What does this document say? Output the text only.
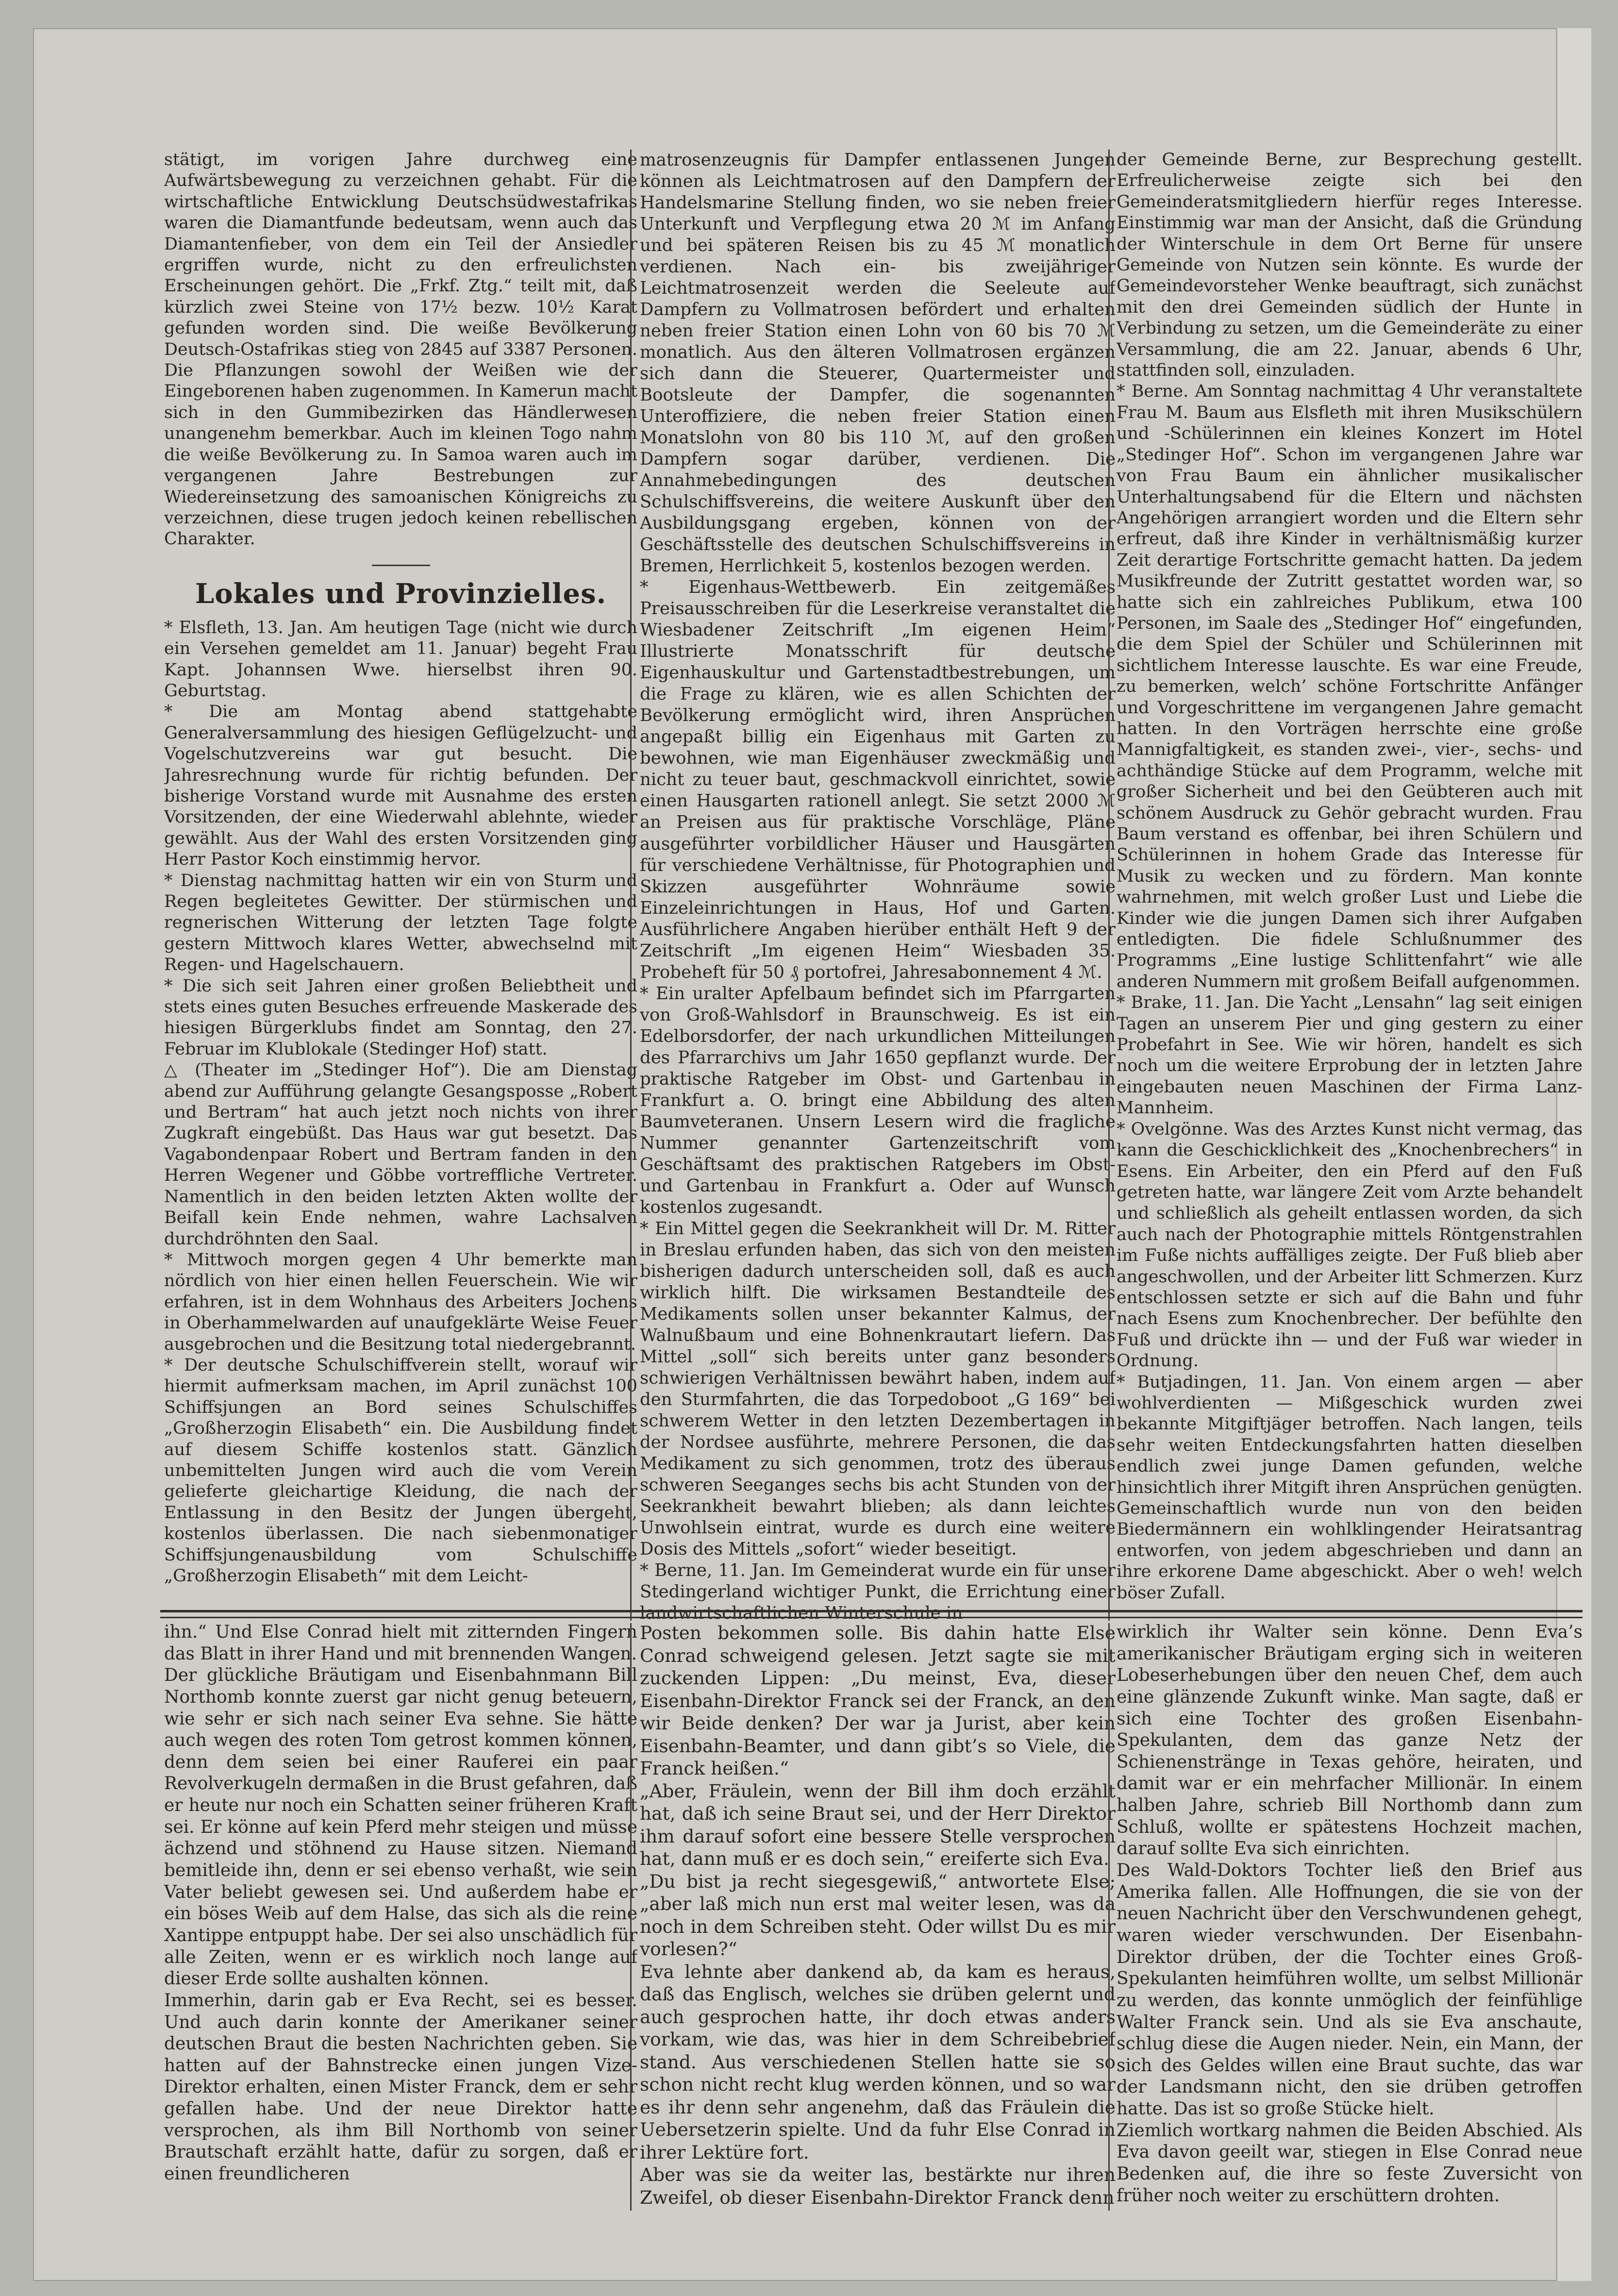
stätigt, im vorigen Jahre durchweg eine Aufwärtsbewegung zu verzeichnen gehabt. Für die wirtschaftliche Entwicklung Deutschsüdwestafrikas waren die Diamantfunde bedeutsam, wenn auch das Diamantenfieber, von dem ein Teil der Ansiedler ergriffen wurde, nicht zu den erfreulichsten Erscheinungen gehört. Die „Frkf. Ztg.“ teilt mit, daß kürzlich zwei Steine von 17½ bezw. 10½ Karat gefunden worden sind. Die weiße Bevölkerung Deutsch-Ostafrikas stieg von 2845 auf 3387 Personen. Die Pflanzungen sowohl der Weißen wie der Eingeborenen haben zugenommen. In Kamerun macht sich in den Gummibezirken das Händlerwesen unangenehm bemerkbar. Auch im kleinen Togo nahm die weiße Bevölkerung zu. In Samoa waren auch im vergangenen Jahre Bestrebungen zur Wiedereinsetzung des samoanischen Königreichs zu verzeichnen, diese trugen jedoch keinen rebellischen Charakter.

Lokales und Provinzielles.

* Elsfleth, 13. Jan. Am heutigen Tage (nicht wie durch ein Versehen gemeldet am 11. Januar) begeht Frau Kapt. Johannsen Wwe. hierselbst ihren 90. Geburtstag.

* Die am Montag abend stattgehabte Generalversammlung des hiesigen Geflügelzucht- und Vogelschutzvereins war gut besucht. Die Jahresrechnung wurde für richtig befunden. Der bisherige Vorstand wurde mit Ausnahme des ersten Vorsitzenden, der eine Wiederwahl ablehnte, wieder gewählt. Aus der Wahl des ersten Vorsitzenden ging Herr Pastor Koch einstimmig hervor.

* Dienstag nachmittag hatten wir ein von Sturm und Regen begleitetes Gewitter. Der stürmischen und regnerischen Witterung der letzten Tage folgte gestern Mittwoch klares Wetter, abwechselnd mit Regen- und Hagelschauern.

* Die sich seit Jahren einer großen Beliebtheit und stets eines guten Besuches erfreuende Maskerade des hiesigen Bürgerklubs findet am Sonntag, den 27. Februar im Klublokale (Stedinger Hof) statt.

△ (Theater im „Stedinger Hof“). Die am Dienstag abend zur Aufführung gelangte Gesangsposse „Robert und Bertram“ hat auch jetzt noch nichts von ihrer Zugkraft eingebüßt. Das Haus war gut besetzt. Das Vagabondenpaar Robert und Bertram fanden in den Herren Wegener und Göbbe vortreffliche Vertreter. Namentlich in den beiden letzten Akten wollte der Beifall kein Ende nehmen, wahre Lachsalven durchdröhnten den Saal.

* Mittwoch morgen gegen 4 Uhr bemerkte man nördlich von hier einen hellen Feuerschein. Wie wir erfahren, ist in dem Wohnhaus des Arbeiters Jochens in Oberhammelwarden auf unaufgeklärte Weise Feuer ausgebrochen und die Besitzung total niedergebrannt.

* Der deutsche Schulschiffverein stellt, worauf wir hiermit aufmerksam machen, im April zunächst 100 Schiffsjungen an Bord seines Schulschiffes „Großherzogin Elisabeth“ ein. Die Ausbildung findet auf diesem Schiffe kostenlos statt. Gänzlich unbemittelten Jungen wird auch die vom Verein gelieferte gleichartige Kleidung, die nach der Entlassung in den Besitz der Jungen übergeht, kostenlos überlassen. Die nach siebenmonatiger Schiffsjungenausbildung vom Schulschiffe „Großherzogin Elisabeth“ mit dem Leicht-

matrosenzeugnis für Dampfer entlassenen Jungen können als Leichtmatrosen auf den Dampfern der Handelsmarine Stellung finden, wo sie neben freier Unterkunft und Verpflegung etwa 20 ℳ im Anfang und bei späteren Reisen bis zu 45 ℳ monatlich verdienen. Nach ein- bis zweijähriger Leichtmatrosenzeit werden die Seeleute auf Dampfern zu Vollmatrosen befördert und erhalten neben freier Station einen Lohn von 60 bis 70 ℳ monatlich. Aus den älteren Vollmatrosen ergänzen sich dann die Steuerer, Quartermeister und Bootsleute der Dampfer, die sogenannten Unteroffiziere, die neben freier Station einen Monatslohn von 80 bis 110 ℳ, auf den großen Dampfern sogar darüber, verdienen. Die Annahmebedingungen des deutschen Schulschiffsvereins, die weitere Auskunft über den Ausbildungsgang ergeben, können von der Geschäftsstelle des deutschen Schulschiffsvereins in Bremen, Herrlichkeit 5, kostenlos bezogen werden.

* Eigenhaus-Wettbewerb. Ein zeitgemäßes Preisausschreiben für die Leserkreise veranstaltet die Wiesbadener Zeitschrift „Im eigenen Heim“ Illustrierte Monatsschrift für deutsche Eigenhauskultur und Gartenstadtbestrebungen, um die Frage zu klären, wie es allen Schichten der Bevölkerung ermöglicht wird, ihren Ansprüchen angepaßt billig ein Eigenhaus mit Garten zu bewohnen, wie man Eigenhäuser zweckmäßig und nicht zu teuer baut, geschmackvoll einrichtet, sowie einen Hausgarten rationell anlegt. Sie setzt 2000 ℳ an Preisen aus für praktische Vorschläge, Pläne ausgeführter vorbildlicher Häuser und Hausgärten für verschiedene Verhältnisse, für Photographien und Skizzen ausgeführter Wohnräume sowie Einzeleinrichtungen in Haus, Hof und Garten. Ausführlichere Angaben hierüber enthält Heft 9 der Zeitschrift „Im eigenen Heim“ Wiesbaden 35. Probeheft für 50 ₰ portofrei, Jahresabonnement 4 ℳ.

* Ein uralter Apfelbaum befindet sich im Pfarrgarten von Groß-Wahlsdorf in Braunschweig. Es ist ein Edelborsdorfer, der nach urkundlichen Mitteilungen des Pfarrarchivs um Jahr 1650 gepflanzt wurde. Der praktische Ratgeber im Obst- und Gartenbau in Frankfurt a. O. bringt eine Abbildung des alten Baumveteranen. Unsern Lesern wird die fragliche Nummer genannter Gartenzeitschrift vom Geschäftsamt des praktischen Ratgebers im Obst- und Gartenbau in Frankfurt a. Oder auf Wunsch kostenlos zugesandt.

* Ein Mittel gegen die Seekrankheit will Dr. M. Ritter in Breslau erfunden haben, das sich von den meisten bisherigen dadurch unterscheiden soll, daß es auch wirklich hilft. Die wirksamen Bestandteile des Medikaments sollen unser bekannter Kalmus, der Walnußbaum und eine Bohnenkrautart liefern. Das Mittel „soll“ sich bereits unter ganz besonders schwierigen Verhältnissen bewährt haben, indem auf den Sturmfahrten, die das Torpedoboot „G 169“ bei schwerem Wetter in den letzten Dezembertagen in der Nordsee ausführte, mehrere Personen, die das Medikament zu sich genommen, trotz des überaus schweren Seeganges sechs bis acht Stunden von der Seekrankheit bewahrt blieben; als dann leichtes Unwohlsein eintrat, wurde es durch eine weitere Dosis des Mittels „sofort“ wieder beseitigt.

* Berne, 11. Jan. Im Gemeinderat wurde ein für unser Stedingerland wichtiger Punkt, die Errichtung einer landwirtschaftlichen Winterschule in

der Gemeinde Berne, zur Besprechung gestellt. Erfreulicherweise zeigte sich bei den Gemeinderatsmitgliedern hierfür reges Interesse. Einstimmig war man der Ansicht, daß die Gründung der Winterschule in dem Ort Berne für unsere Gemeinde von Nutzen sein könnte. Es wurde der Gemeindevorsteher Wenke beauftragt, sich zunächst mit den drei Gemeinden südlich der Hunte in Verbindung zu setzen, um die Gemeinderäte zu einer Versammlung, die am 22. Januar, abends 6 Uhr, stattfinden soll, einzuladen.

* Berne. Am Sonntag nachmittag 4 Uhr veranstaltete Frau M. Baum aus Elsfleth mit ihren Musikschülern und -Schülerinnen ein kleines Konzert im Hotel „Stedinger Hof“. Schon im vergangenen Jahre war von Frau Baum ein ähnlicher musikalischer Unterhaltungsabend für die Eltern und nächsten Angehörigen arrangiert worden und die Eltern sehr erfreut, daß ihre Kinder in verhältnismäßig kurzer Zeit derartige Fortschritte gemacht hatten. Da jedem Musikfreunde der Zutritt gestattet worden war, so hatte sich ein zahlreiches Publikum, etwa 100 Personen, im Saale des „Stedinger Hof“ eingefunden, die dem Spiel der Schüler und Schülerinnen mit sichtlichem Interesse lauschte. Es war eine Freude, zu bemerken, welch’ schöne Fortschritte Anfänger und Vorgeschrittene im vergangenen Jahre gemacht hatten. In den Vorträgen herrschte eine große Mannigfaltigkeit, es standen zwei-, vier-, sechs- und achthändige Stücke auf dem Programm, welche mit großer Sicherheit und bei den Geübteren auch mit schönem Ausdruck zu Gehör gebracht wurden. Frau Baum verstand es offenbar, bei ihren Schülern und Schülerinnen in hohem Grade das Interesse für Musik zu wecken und zu fördern. Man konnte wahrnehmen, mit welch großer Lust und Liebe die Kinder wie die jungen Damen sich ihrer Aufgaben entledigten. Die fidele Schlußnummer des Programms „Eine lustige Schlittenfahrt“ wie alle anderen Nummern mit großem Beifall aufgenommen.

* Brake, 11. Jan. Die Yacht „Lensahn“ lag seit einigen Tagen an unserem Pier und ging gestern zu einer Probefahrt in See. Wie wir hören, handelt es sich noch um die weitere Erprobung der in letzten Jahre eingebauten neuen Maschinen der Firma Lanz-Mannheim.

* Ovelgönne. Was des Arztes Kunst nicht vermag, das kann die Geschicklichkeit des „Knochenbrechers“ in Esens. Ein Arbeiter, den ein Pferd auf den Fuß getreten hatte, war längere Zeit vom Arzte behandelt und schließlich als geheilt entlassen worden, da sich auch nach der Photographie mittels Röntgenstrahlen im Fuße nichts auffälliges zeigte. Der Fuß blieb aber angeschwollen, und der Arbeiter litt Schmerzen. Kurz entschlossen setzte er sich auf die Bahn und fuhr nach Esens zum Knochenbrecher. Der befühlte den Fuß und drückte ihn — und der Fuß war wieder in Ordnung.

* Butjadingen, 11. Jan. Von einem argen — aber wohlverdienten — Mißgeschick wurden zwei bekannte Mitgiftjäger betroffen. Nach langen, teils sehr weiten Entdeckungsfahrten hatten dieselben endlich zwei junge Damen gefunden, welche hinsichtlich ihrer Mitgift ihren Ansprüchen genügten. Gemeinschaftlich wurde nun von den beiden Biedermännern ein wohlklingender Heiratsantrag entworfen, von jedem abgeschrieben und dann an ihre erkorene Dame abgeschickt. Aber o weh! welch böser Zufall.

ihn.“ Und Else Conrad hielt mit zitternden Fingern das Blatt in ihrer Hand und mit brennenden Wangen.

Der glückliche Bräutigam und Eisenbahnmann Bill Northomb konnte zuerst gar nicht genug beteuern, wie sehr er sich nach seiner Eva sehne. Sie hätte auch wegen des roten Tom getrost kommen können, denn dem seien bei einer Rauferei ein paar Revolverkugeln dermaßen in die Brust gefahren, daß er heute nur noch ein Schatten seiner früheren Kraft sei. Er könne auf kein Pferd mehr steigen und müsse ächzend und stöhnend zu Hause sitzen. Niemand bemitleide ihn, denn er sei ebenso verhaßt, wie sein Vater beliebt gewesen sei. Und außerdem habe er ein böses Weib auf dem Halse, das sich als die reine Xantippe entpuppt habe. Der sei also unschädlich für alle Zeiten, wenn er es wirklich noch lange auf dieser Erde sollte aushalten können.

Immerhin, darin gab er Eva Recht, sei es besser. Und auch darin konnte der Amerikaner seiner deutschen Braut die besten Nachrichten geben. Sie hatten auf der Bahnstrecke einen jungen Vize-Direktor erhalten, einen Mister Franck, dem er sehr gefallen habe. Und der neue Direktor hatte versprochen, als ihm Bill Northomb von seiner Brautschaft erzählt hatte, dafür zu sorgen, daß er einen freundlicheren

Posten bekommen solle. Bis dahin hatte Else Conrad schweigend gelesen. Jetzt sagte sie mit zuckenden Lippen: „Du meinst, Eva, dieser Eisenbahn-Direktor Franck sei der Franck, an den wir Beide denken? Der war ja Jurist, aber kein Eisenbahn-Beamter, und dann gibt’s so Viele, die Franck heißen.“

„Aber, Fräulein, wenn der Bill ihm doch erzählt hat, daß ich seine Braut sei, und der Herr Direktor ihm darauf sofort eine bessere Stelle versprochen hat, dann muß er es doch sein,“ ereiferte sich Eva.

„Du bist ja recht siegesgewiß,“ antwortete Else; „aber laß mich nun erst mal weiter lesen, was da noch in dem Schreiben steht. Oder willst Du es mir vorlesen?“

Eva lehnte aber dankend ab, da kam es heraus, daß das Englisch, welches sie drüben gelernt und auch gesprochen hatte, ihr doch etwas anders vorkam, wie das, was hier in dem Schreibebrief stand. Aus verschiedenen Stellen hatte sie so schon nicht recht klug werden können, und so war es ihr denn sehr angenehm, daß das Fräulein die Uebersetzerin spielte. Und da fuhr Else Conrad in ihrer Lektüre fort.

Aber was sie da weiter las, bestärkte nur ihren Zweifel, ob dieser Eisenbahn-Direktor Franck denn

wirklich ihr Walter sein könne. Denn Eva’s amerikanischer Bräutigam erging sich in weiteren Lobeserhebungen über den neuen Chef, dem auch eine glänzende Zukunft winke. Man sagte, daß er sich eine Tochter des großen Eisenbahn-Spekulanten, dem das ganze Netz der Schienenstränge in Texas gehöre, heiraten, und damit war er ein mehrfacher Millionär. In einem halben Jahre, schrieb Bill Northomb dann zum Schluß, wollte er spätestens Hochzeit machen, darauf sollte Eva sich einrichten.

Des Wald-Doktors Tochter ließ den Brief aus Amerika fallen. Alle Hoffnungen, die sie von der neuen Nachricht über den Verschwundenen gehegt, waren wieder verschwunden. Der Eisenbahn-Direktor drüben, der die Tochter eines Groß-Spekulanten heimführen wollte, um selbst Millionär zu werden, das konnte unmöglich der feinfühlige Walter Franck sein. Und als sie Eva anschaute, schlug diese die Augen nieder. Nein, ein Mann, der sich des Geldes willen eine Braut suchte, das war der Landsmann nicht, den sie drüben getroffen hatte. Das ist so große Stücke hielt.

Ziemlich wortkarg nahmen die Beiden Abschied. Als Eva davon geeilt war, stiegen in Else Conrad neue Bedenken auf, die ihre so feste Zuversicht von früher noch weiter zu erschüttern drohten.
